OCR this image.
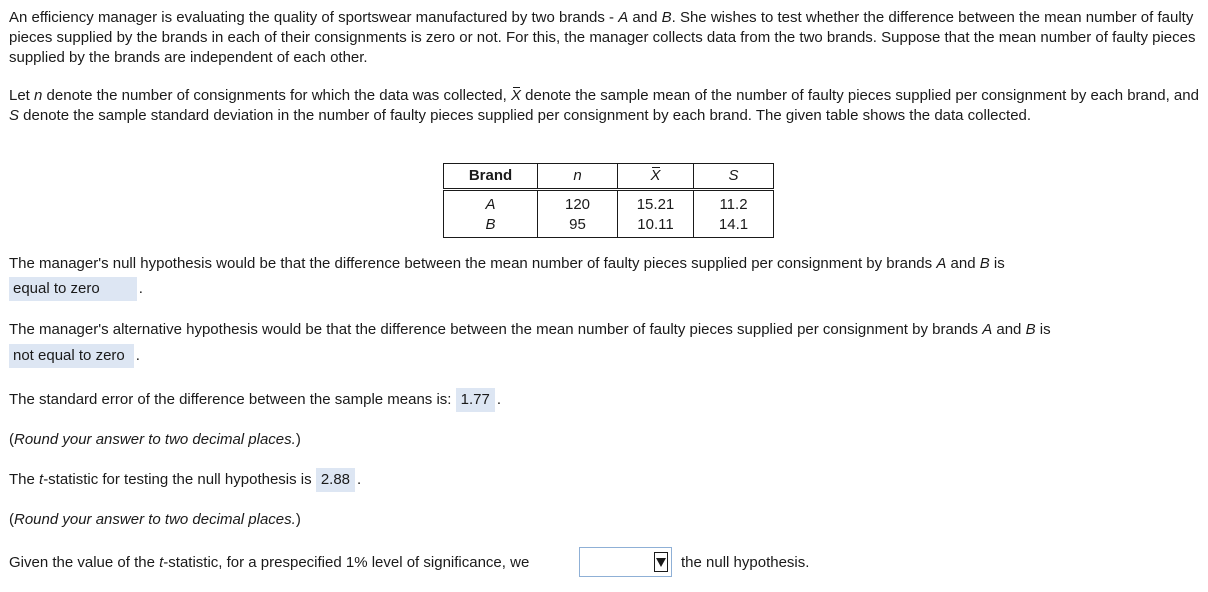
An efficiency manager is evaluating the quality of sportswear manufactured by two brands - A and B. She wishes to test whether the difference between the mean number of faulty pieces supplied by the brands in each of their consignments is zero or not. For this, the manager collects data from the two brands. Suppose that the mean number of faulty pieces supplied by the brands are independent of each other.

Let n denote the number of consignments for which the data was collected, X denote the sample mean of the number of faulty pieces supplied per consignment by each brand, and S denote the sample standard deviation in the number of faulty pieces supplied per consignment by each brand. The given table shows the data collected.

Brand	n	X	S
A	120	15.21	11.2
B	95	10.11	14.1
The manager's null hypothesis would be that the difference between the mean number of faulty pieces supplied per consignment by brands A and B is
equal to zero	.
The manager's alternative hypothesis would be that the difference between the mean number of faulty pieces supplied per consignment by brands A and B is
not equal to zero .
The standard error of the difference between the sample means is: 1.77 .
(Round your answer to two decimal places.)
The t-statistic for testing the null hypothesis is 2.88 .
(Round your answer to two decimal places.)
Given the value of the t-statistic, for a prespecified 1% level of significance, we	the null hypothesis.
